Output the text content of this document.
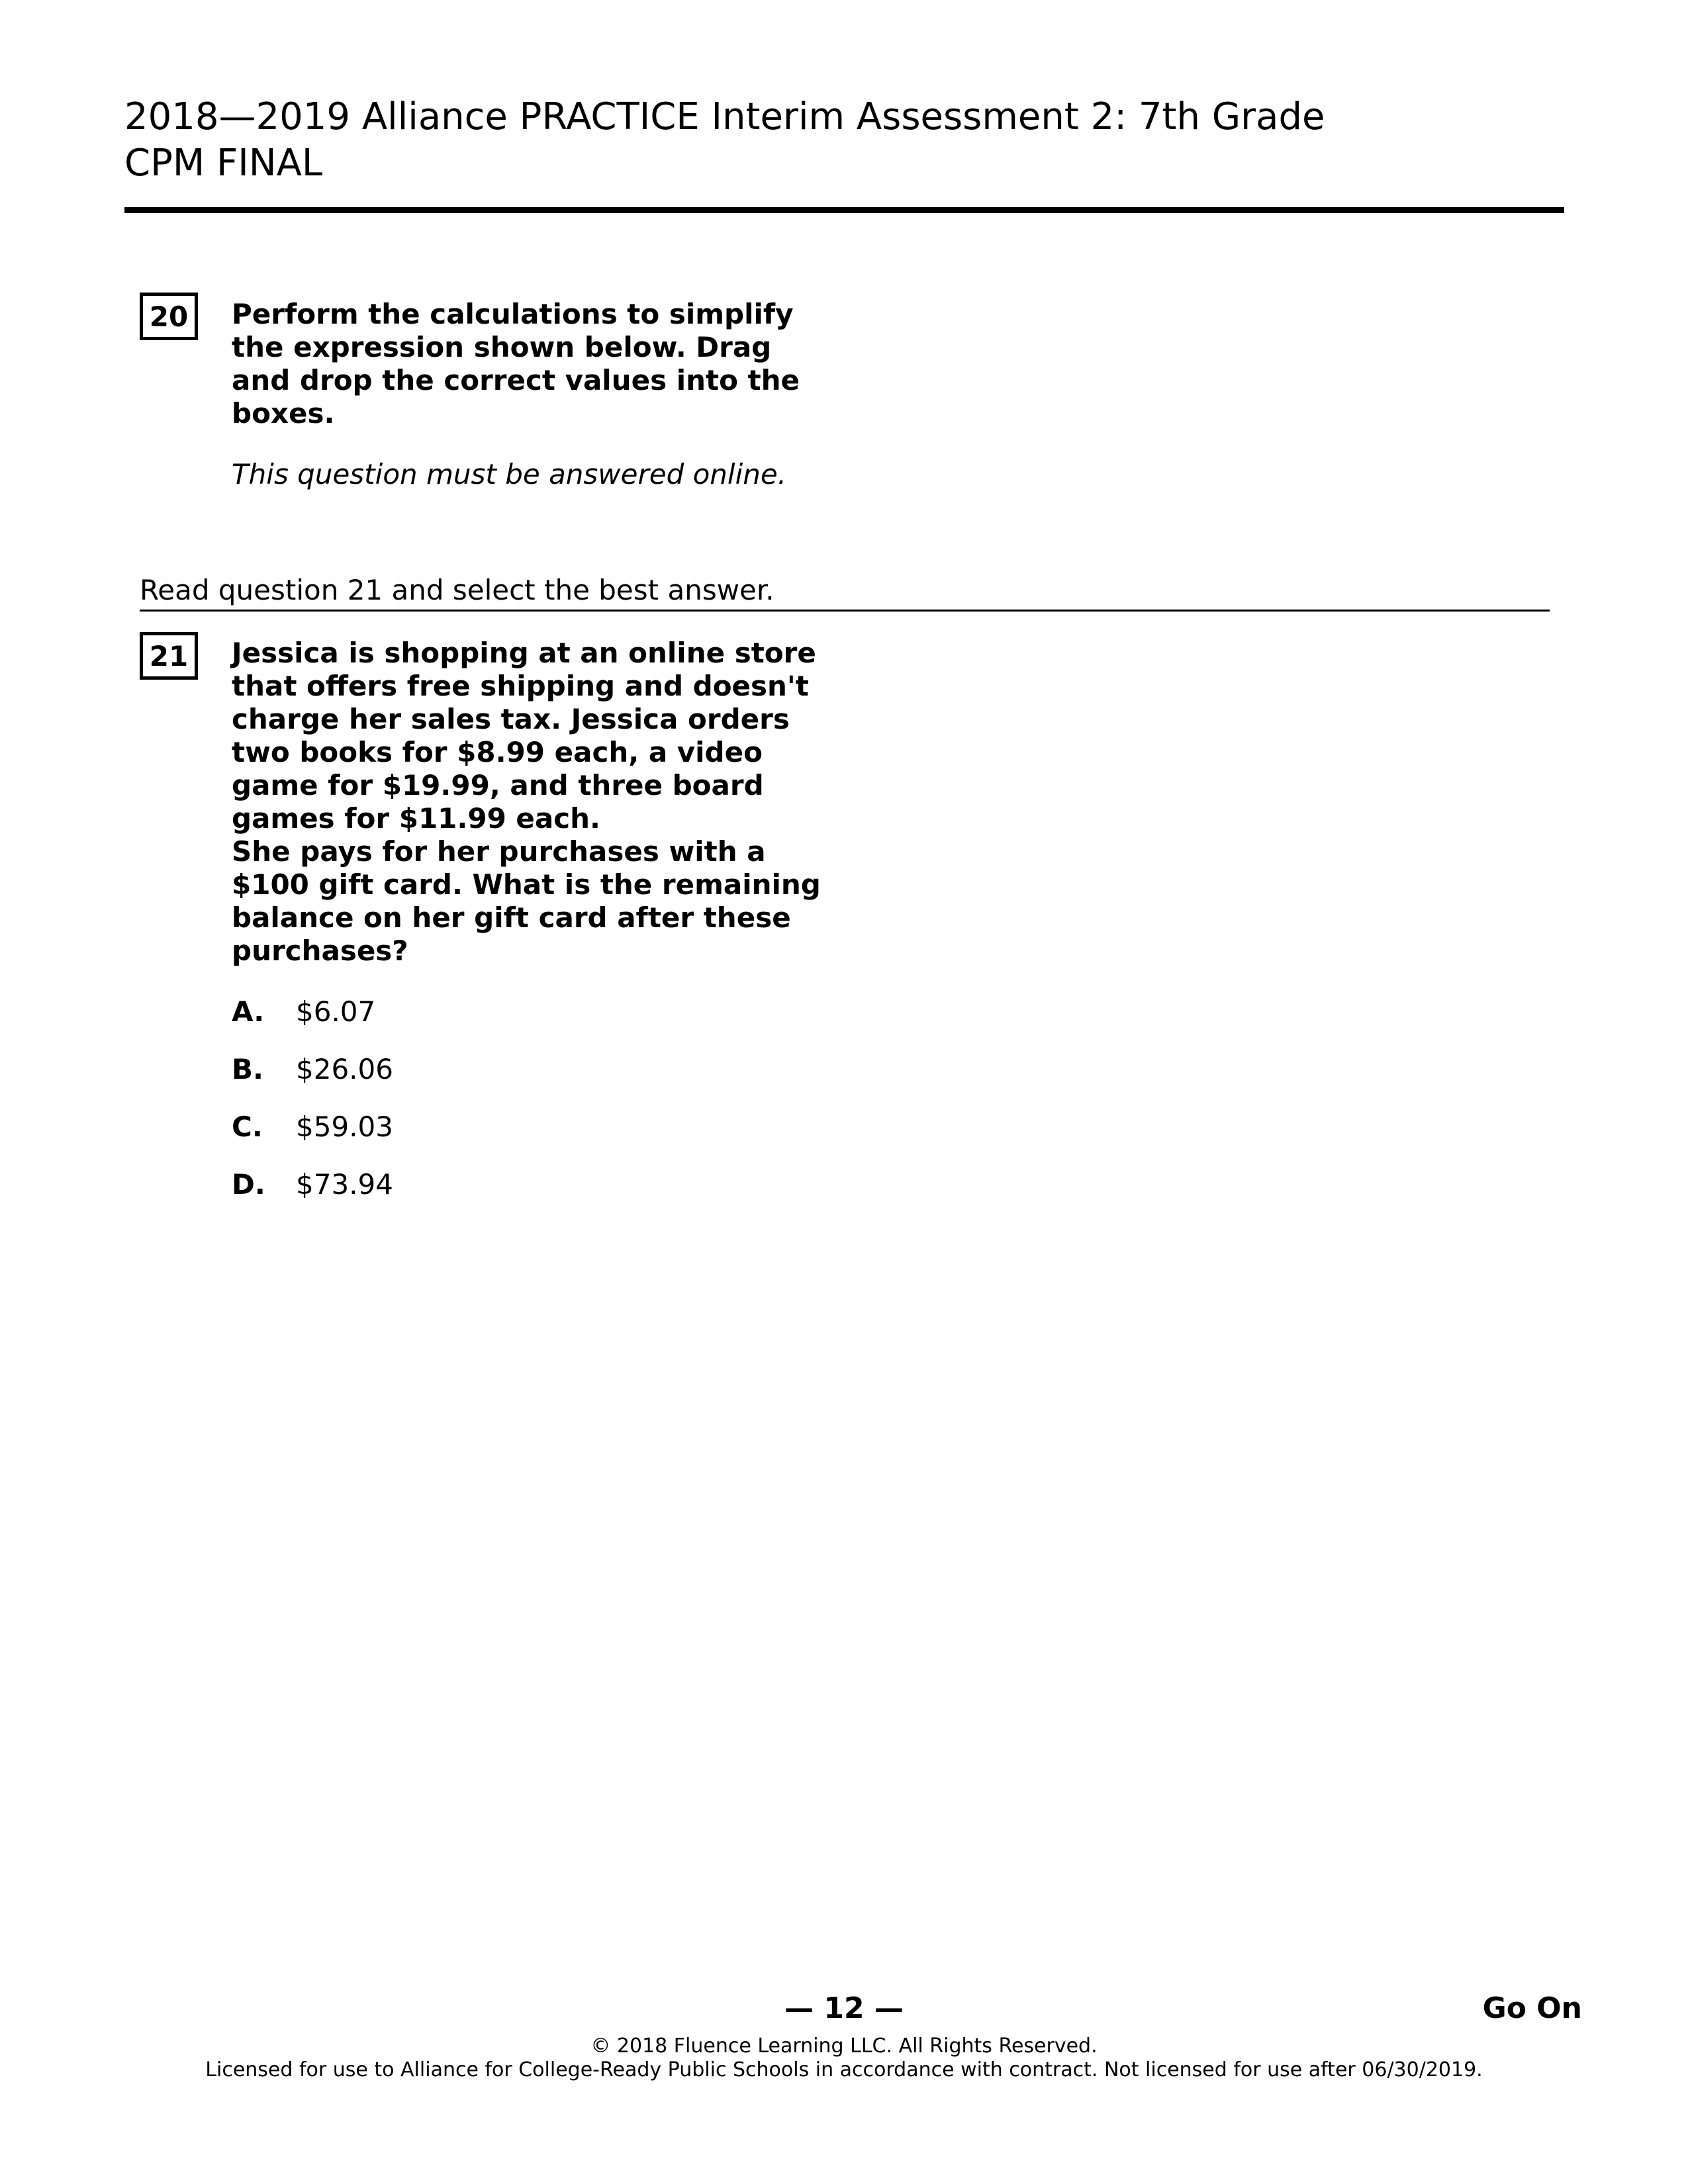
2018—2019 Alliance PRACTICE Interim Assessment 2: 7th Grade CPM FINAL
20	Perform the calculations to simplify the expression shown below. Drag and drop the correct values into the boxes.

This question must be answered online.

Read question 21 and select the best answer.

21	Jessica is shopping at an online store that offers free shipping and doesn't charge her sales tax. Jessica orders two books for $8.99 each, a video game for $19.99, and three board games for $11.99 each.

She pays for her purchases with a $100 gift card. What is the remaining balance on her gift card after these purchases?

A. $6.07
B. $26.06
C. $59.03
D. $73.94
— 12 —	Go On
© 2018 Fluence Learning LLC. All Rights Reserved.
Licensed for use to Alliance for College-Ready Public Schools in accordance with contract. Not licensed for use after 06/30/2019.
